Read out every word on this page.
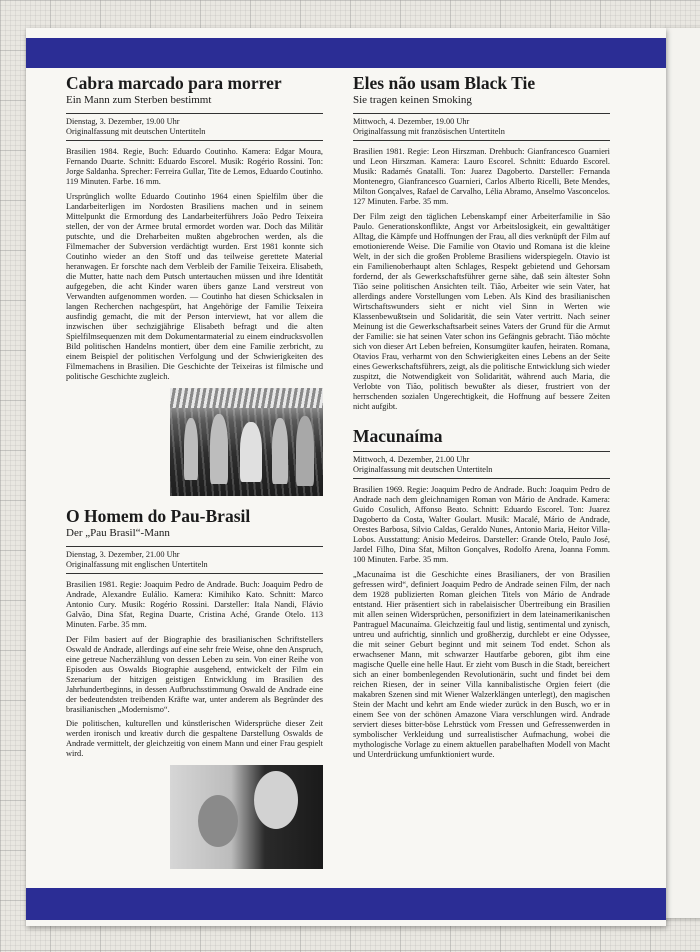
Cabra marcado para morrer
Ein Mann zum Sterben bestimmt
Dienstag, 3. Dezember, 19.00 Uhr
Originalfassung mit deutschen Untertiteln
Brasilien 1984. Regie, Buch: Eduardo Coutinho. Kamera: Edgar Moura, Fernando Duarte. Schnitt: Eduardo Escorel. Musik: Rogério Rossini. Ton: Jorge Saldanha. Sprecher: Ferreira Gullar, Tite de Lemos, Eduardo Coutinho. 119 Minuten. Farbe. 16 mm.

Ursprünglich wollte Eduardo Coutinho 1964 einen Spielfilm über die Landarbeiterligen im Nordosten Brasiliens machen und in seinem Mittelpunkt die Ermordung des Landarbeiterführers João Pedro Teixeira stellen, der von der Armee brutal ermordet worden war. Doch das Militär putschte, und die Dreharbeiten mußten abgebrochen werden, als die Filmemacher der Subversion verdächtigt wurden. Erst 1981 konnte sich Coutinho wieder an den Stoff und das teilweise gerettete Material heranwagen. Er forschte nach dem Verbleib der Familie Teixeira. Elisabeth, die Mutter, hatte nach dem Putsch untertauchen müssen und ihre Identität aufgegeben, die acht Kinder waren übers ganze Land verstreut von Verwandten aufgenommen worden. — Coutinho hat diesen Schicksalen in langen Recherchen nachgespürt, hat Angehörige der Familie Teixeira ausfindig gemacht, die mit der Person interviewt, hat vor allem die inzwischen über sechzigjährige Elisabeth befragt und die alten Spielfilmsequenzen mit dem Dokumentarmaterial zu einem eindrucksvollen Bild politischen Handelns montiert, über dem eine Familie zerbricht, zu einem Beispiel der politischen Verfolgung und der Schwierigkeiten des Filmemachens in Brasilien. Die Geschichte der Teixeiras ist filmische und politische Geschichte zugleich.

O Homem do Pau-Brasil
Der „Pau Brasil“-Mann
Dienstag, 3. Dezember, 21.00 Uhr
Originalfassung mit englischen Untertiteln
Brasilien 1981. Regie: Joaquim Pedro de Andrade. Buch: Joaquim Pedro de Andrade, Alexandre Eulálio. Kamera: Kimihiko Kato. Schnitt: Marco Antonio Cury. Musik: Rogério Rossini. Darsteller: Itala Nandi, Flávio Galvão, Dina Sfat, Regina Duarte, Cristina Aché, Grande Otelo. 113 Minuten. Farbe. 35 mm.

Der Film basiert auf der Biographie des brasilianischen Schriftstellers Oswald de Andrade, allerdings auf eine sehr freie Weise, ohne den Anspruch, eine getreue Nacherzählung von dessen Leben zu sein. Von einer Reihe von Episoden aus Oswalds Biographie ausgehend, entwickelt der Film ein Szenarium der hitzigen geistigen Entwicklung im Brasilien des Jahrhundertbeginns, in dessen Aufbruchsstimmung Oswald de Andrade eine der bedeutendsten treibenden Kräfte war, unter anderem als Begründer des brasilianischen „Modernismo“.

Die politischen, kulturellen und künstlerischen Widersprüche dieser Zeit werden ironisch und kreativ durch die gespaltene Darstellung Oswalds de Andrade vermittelt, der gleichzeitig von einem Mann und einer Frau gespielt wird.

Eles não usam Black Tie
Sie tragen keinen Smoking
Mittwoch, 4. Dezember, 19.00 Uhr
Originalfassung mit französischen Untertiteln
Brasilien 1981. Regie: Leon Hirszman. Drehbuch: Gianfrancesco Guarnieri und Leon Hirszman. Kamera: Lauro Escorel. Schnitt: Eduardo Escorel. Musik: Radamés Gnatalli. Ton: Juarez Dagoberto. Darsteller: Fernanda Montenegro, Gianfrancesco Guarnieri, Carlos Alberto Ricelli, Bete Mendes, Milton Gonçalves, Rafael de Carvalho, Lélia Abramo, Anselmo Vasconcelos. 127 Minuten. Farbe. 35 mm.

Der Film zeigt den täglichen Lebenskampf einer Arbeiterfamilie in São Paulo. Generationskonflikte, Angst vor Arbeitslosigkeit, ein gewalttätiger Alltag, die Kämpfe und Hoffnungen der Frau, all dies verknüpft der Film auf emotionierende Weise. Die Familie von Otavio und Romana ist die kleine Welt, in der sich die großen Probleme Brasiliens widerspiegeln. Otavio ist ein Familienoberhaupt alten Schlages, Respekt gebietend und Gehorsam fordernd, der als Gewerkschaftsführer gerne sähe, daß sein ältester Sohn Tião seine politischen Ansichten teilt. Tião, Arbeiter wie sein Vater, hat allerdings andere Vorstellungen vom Leben. Als Kind des brasilianischen Wirtschaftswunders sieht er nicht viel Sinn in Werten wie Klassenbewußtsein und Solidarität, die sein Vater vertritt. Nach seiner Meinung ist die Gewerkschaftsarbeit seines Vaters der Grund für die Armut der Familie: sie hat seinen Vater schon ins Gefängnis gebracht. Tião möchte sich von dieser Art Leben befreien, Konsumgüter kaufen, heiraten. Romana, Otavios Frau, verharmt von den Schwierigkeiten eines Lebens an der Seite eines Gewerkschaftsführers, zeigt, als die politische Entwicklung sich wieder zuspitzt, die Notwendigkeit von Solidarität, während auch Maria, die Verlobte von Tião, politisch bewußter als dieser, frustriert von der herrschenden sozialen Ungerechtigkeit, die Hoffnung auf bessere Zeiten nicht aufgibt.

Macunaíma
Mittwoch, 4. Dezember, 21.00 Uhr
Originalfassung mit deutschen Untertiteln
Brasilien 1969. Regie: Joaquim Pedro de Andrade. Buch: Joaquim Pedro de Andrade nach dem gleichnamigen Roman von Mário de Andrade. Kamera: Guido Cosulich, Affonso Beato. Schnitt: Eduardo Escorel. Ton: Juarez Dagoberto da Costa, Walter Goulart. Musik: Macalé, Mário de Andrade, Orestes Barbosa, Silvio Caldas, Geraldo Nunes, Antonio Maria, Heitor Villa-Lobos. Ausstattung: Anisio Medeiros. Darsteller: Grande Otelo, Paulo José, Jardel Filho, Dina Sfat, Milton Gonçalves, Rodolfo Arena, Joanna Fomm. 100 Minuten. Farbe. 35 mm.

„Macunaíma ist die Geschichte eines Brasilianers, der von Brasilien gefressen wird“, definiert Joaquim Pedro de Andrade seinen Film, der nach dem 1928 publizierten Roman gleichen Titels von Mário de Andrade entstand. Hier präsentiert sich in rabelaisischer Übertreibung ein Brasilien mit allen seinen Widersprüchen, personifiziert in dem lateinamerikanischen Pantraguel Macunaíma. Gleichzeitig faul und listig, sentimental und zynisch, untreu und aufrichtig, sinnlich und großherzig, durchlebt er eine Odyssee, die mit seiner Geburt beginnt und mit seinem Tod endet. Schon als erwachsener Mann, mit schwarzer Hautfarbe geboren, gibt ihm eine magische Quelle eine helle Haut. Er zieht vom Busch in die Stadt, bereichert sich an einer bombenlegenden Revolutionärin, sucht und findet bei dem reichen Riesen, der in seiner Villa kannibalistische Orgien feiert (die makabren Szenen sind mit Wiener Walzerklängen unterlegt), den magischen Stein der Macht und kehrt am Ende wieder zurück in den Busch, wo er in einem See von der schönen Amazone Viara verschlungen wird. Andrade serviert dieses bitter-böse Lehrstück vom Fressen und Gefressenwerden in symbolischer Verkleidung und surrealistischer Aufmachung, wobei die mythologische Vorlage zu einem aktuellen parabelhaften Modell von Macht und Unterdrückung umfunktioniert wurde.
